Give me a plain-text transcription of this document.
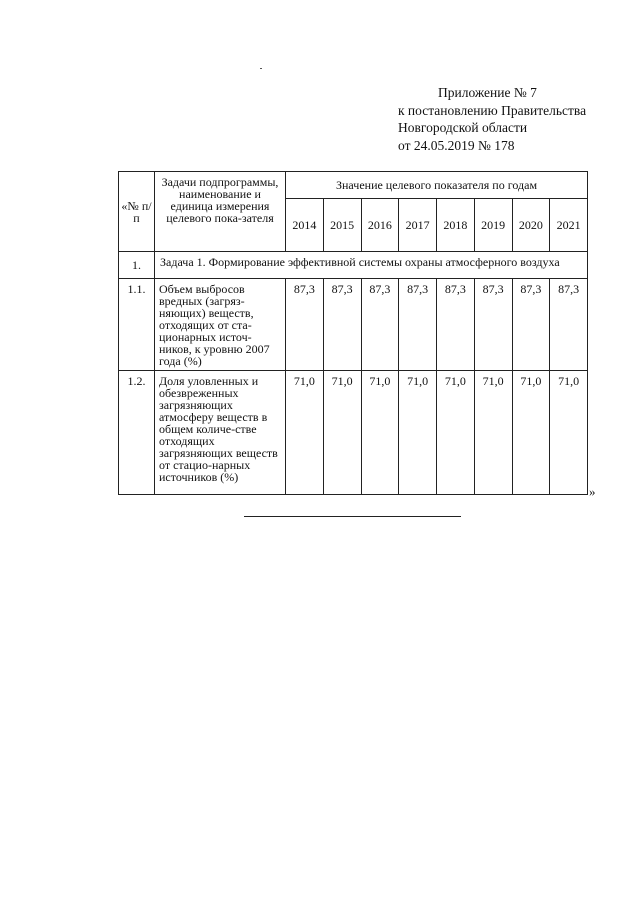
Приложение № 7
к постановлению Правительства
Новгородской области
от 24.05.2019 № 178
«№ п/п	Задачи подпрограммы, наименование и единица измерения целевого пока-зателя	Значение целевого показателя по годам							
		2014	2015	2016	2017	2018	2019	2020	2021
1.	Задача 1. Формирование эффективной системы охраны атмосферного воздуха								
1.1.	Объем выбросов вредных (загряз-няющих) веществ, отходящих от ста-ционарных источ-ников, к уровню 2007 года (%)	87,3	87,3	87,3	87,3	87,3	87,3	87,3	87,3
1.2.	Доля уловленных и обезвреженных загрязняющих атмосферу веществ в общем количе-стве отходящих загрязняющих веществ от стацио-нарных источников (%)	71,0	71,0	71,0	71,0	71,0	71,0	71,0	71,0
»
